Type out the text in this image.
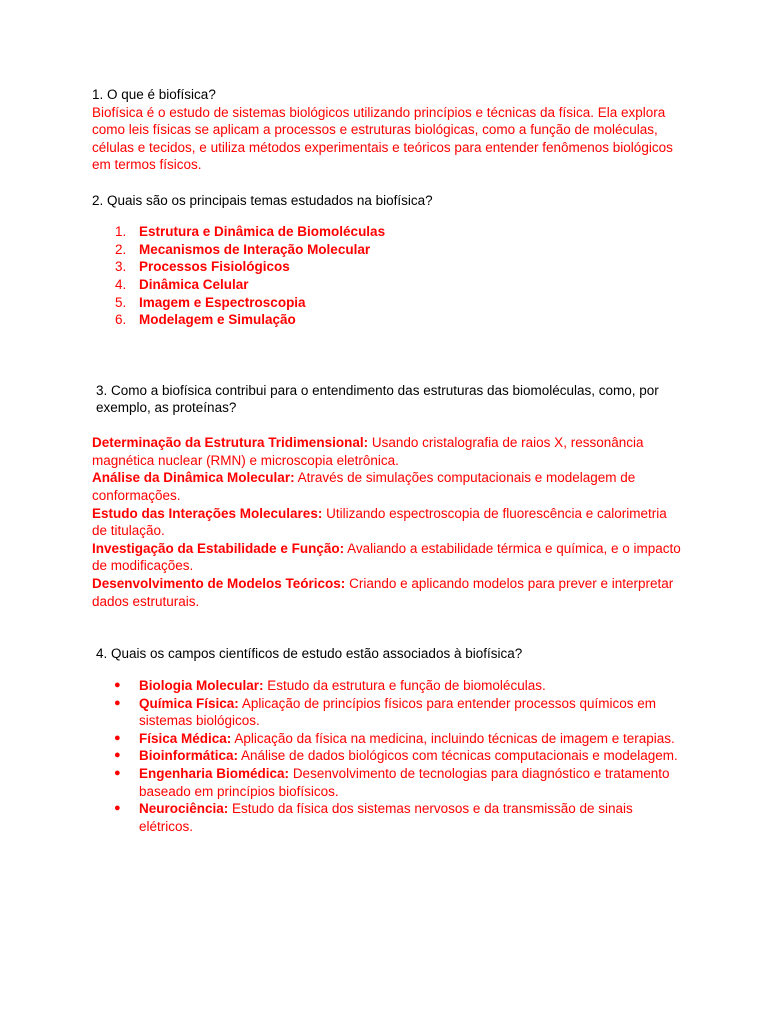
1. O que é biofísica?

Biofísica é o estudo de sistemas biológicos utilizando princípios e técnicas da física. Ela explora como leis físicas se aplicam a processos e estruturas biológicas, como a função de moléculas, células e tecidos, e utiliza métodos experimentais e teóricos para entender fenômenos biológicos em termos físicos.

2. Quais são os principais temas estudados na biofísica?

1. Estrutura e Dinâmica de Biomoléculas
2. Mecanismos de Interação Molecular
3. Processos Fisiológicos
4. Dinâmica Celular
5. Imagem e Espectroscopia
6. Modelagem e Simulação

3. Como a biofísica contribui para o entendimento das estruturas das biomoléculas, como, por exemplo, as proteínas?

Determinação da Estrutura Tridimensional: Usando cristalografia de raios X, ressonância magnética nuclear (RMN) e microscopia eletrônica.

Análise da Dinâmica Molecular: Através de simulações computacionais e modelagem de conformações.

Estudo das Interações Moleculares: Utilizando espectroscopia de fluorescência e calorimetria de titulação.

Investigação da Estabilidade e Função: Avaliando a estabilidade térmica e química, e o impacto de modificações.

Desenvolvimento de Modelos Teóricos: Criando e aplicando modelos para prever e interpretar dados estruturais.

4. Quais os campos científicos de estudo estão associados à biofísica?

● Biologia Molecular: Estudo da estrutura e função de biomoléculas.
● Química Física: Aplicação de princípios físicos para entender processos químicos em sistemas biológicos.
● Física Médica: Aplicação da física na medicina, incluindo técnicas de imagem e terapias.
● Bioinformática: Análise de dados biológicos com técnicas computacionais e modelagem.
● Engenharia Biomédica: Desenvolvimento de tecnologias para diagnóstico e tratamento baseado em princípios biofísicos.
● Neurociência: Estudo da física dos sistemas nervosos e da transmissão de sinais elétricos.
